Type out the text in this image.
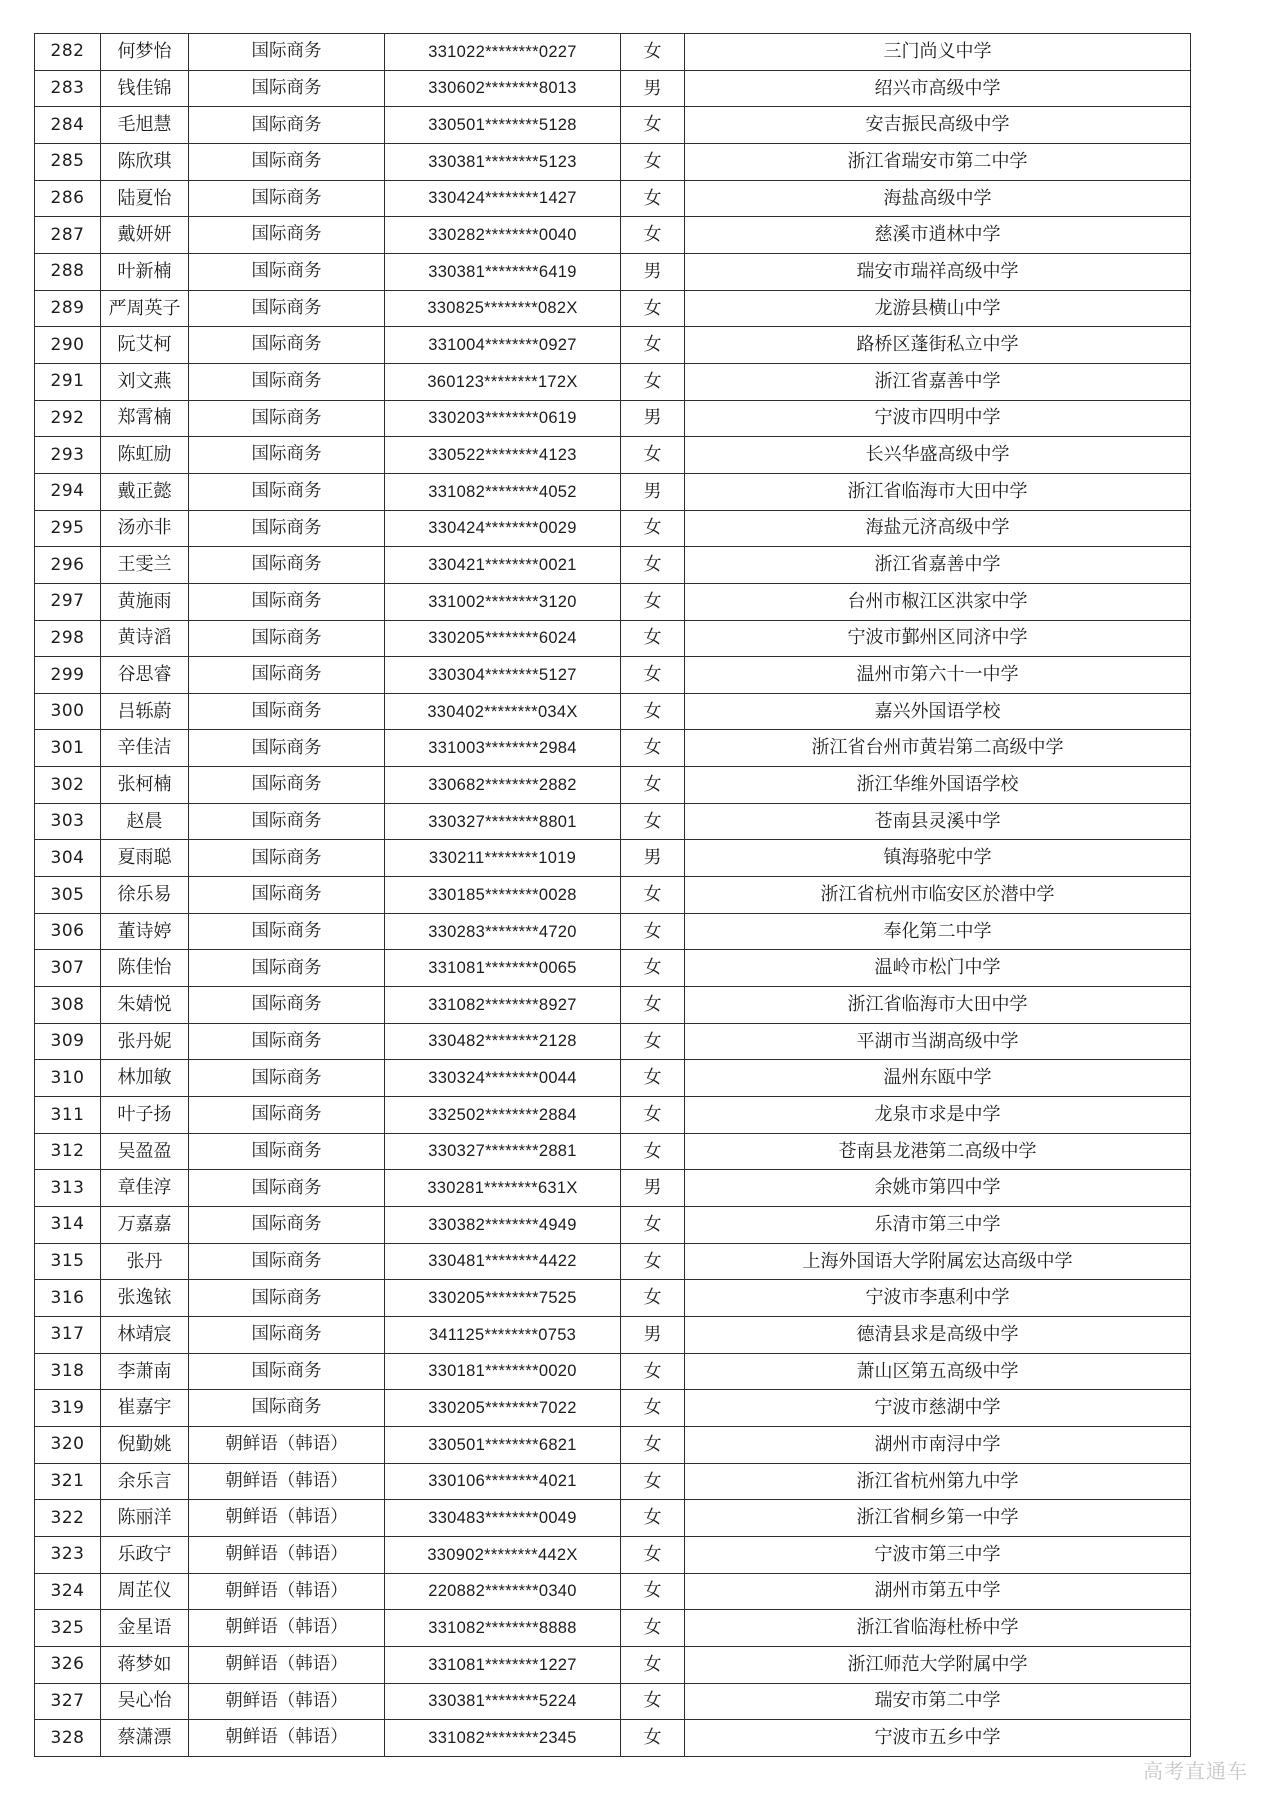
282	何梦怡	国际商务	331022********0227	女	三门尚义中学
283	钱佳锦	国际商务	330602********8013	男	绍兴市高级中学
284	毛旭慧	国际商务	330501********5128	女	安吉振民高级中学
285	陈欣琪	国际商务	330381********5123	女	浙江省瑞安市第二中学
286	陆夏怡	国际商务	330424********1427	女	海盐高级中学
287	戴妍妍	国际商务	330282********0040	女	慈溪市逍林中学
288	叶新楠	国际商务	330381********6419	男	瑞安市瑞祥高级中学
289	严周英子	国际商务	330825********082X	女	龙游县横山中学
290	阮艾柯	国际商务	331004********0927	女	路桥区蓬街私立中学
291	刘文燕	国际商务	360123********172X	女	浙江省嘉善中学
292	郑霄楠	国际商务	330203********0619	男	宁波市四明中学
293	陈虹励	国际商务	330522********4123	女	长兴华盛高级中学
294	戴正懿	国际商务	331082********4052	男	浙江省临海市大田中学
295	汤亦非	国际商务	330424********0029	女	海盐元济高级中学
296	王雯兰	国际商务	330421********0021	女	浙江省嘉善中学
297	黄施雨	国际商务	331002********3120	女	台州市椒江区洪家中学
298	黄诗滔	国际商务	330205********6024	女	宁波市鄞州区同济中学
299	谷思睿	国际商务	330304********5127	女	温州市第六十一中学
300	吕轹蔚	国际商务	330402********034X	女	嘉兴外国语学校
301	辛佳洁	国际商务	331003********2984	女	浙江省台州市黄岩第二高级中学
302	张柯楠	国际商务	330682********2882	女	浙江华维外国语学校
303	赵晨	国际商务	330327********8801	女	苍南县灵溪中学
304	夏雨聪	国际商务	330211********1019	男	镇海骆驼中学
305	徐乐易	国际商务	330185********0028	女	浙江省杭州市临安区於潜中学
306	董诗婷	国际商务	330283********4720	女	奉化第二中学
307	陈佳怡	国际商务	331081********0065	女	温岭市松门中学
308	朱婧悦	国际商务	331082********8927	女	浙江省临海市大田中学
309	张丹妮	国际商务	330482********2128	女	平湖市当湖高级中学
310	林加敏	国际商务	330324********0044	女	温州东瓯中学
311	叶子扬	国际商务	332502********2884	女	龙泉市求是中学
312	吴盈盈	国际商务	330327********2881	女	苍南县龙港第二高级中学
313	章佳淳	国际商务	330281********631X	男	余姚市第四中学
314	万嘉嘉	国际商务	330382********4949	女	乐清市第三中学
315	张丹	国际商务	330481********4422	女	上海外国语大学附属宏达高级中学
316	张逸铱	国际商务	330205********7525	女	宁波市李惠利中学
317	林靖宸	国际商务	341125********0753	男	德清县求是高级中学
318	李萧南	国际商务	330181********0020	女	萧山区第五高级中学
319	崔嘉宇	国际商务	330205********7022	女	宁波市慈湖中学
320	倪勤姚	朝鲜语（韩语）	330501********6821	女	湖州市南浔中学
321	余乐言	朝鲜语（韩语）	330106********4021	女	浙江省杭州第九中学
322	陈丽洋	朝鲜语（韩语）	330483********0049	女	浙江省桐乡第一中学
323	乐政宁	朝鲜语（韩语）	330902********442X	女	宁波市第三中学
324	周芷仪	朝鲜语（韩语）	220882********0340	女	湖州市第五中学
325	金星语	朝鲜语（韩语）	331082********8888	女	浙江省临海杜桥中学
326	蒋梦如	朝鲜语（韩语）	331081********1227	女	浙江师范大学附属中学
327	吴心怡	朝鲜语（韩语）	330381********5224	女	瑞安市第二中学
328	蔡潇漂	朝鲜语（韩语）	331082********2345	女	宁波市五乡中学
高考直通车
